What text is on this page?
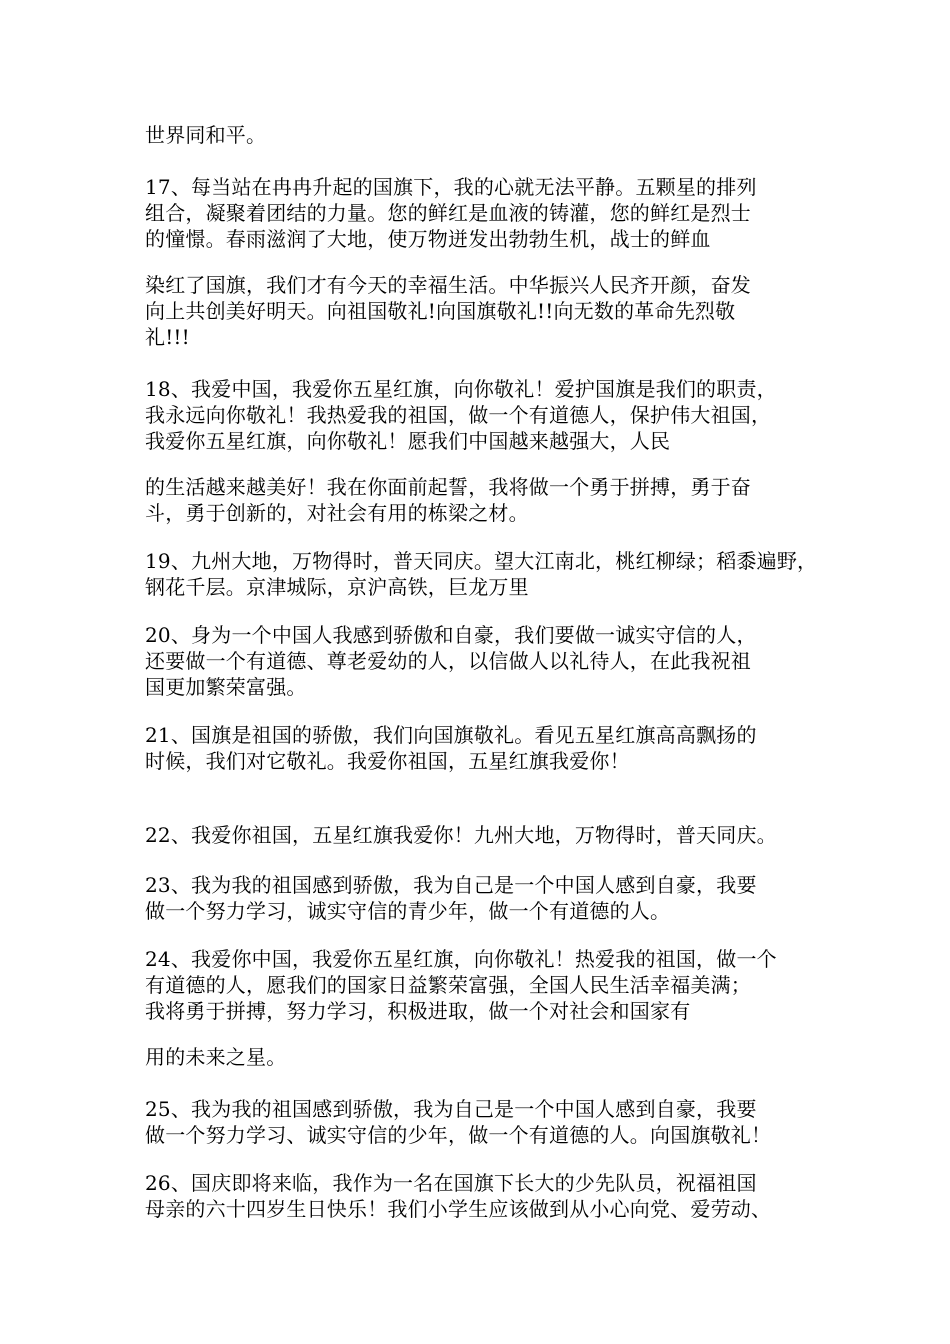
世界同和平。
17、每当站在冉冉升起的国旗下，我的心就无法平静。五颗星的排列
组合，凝聚着团结的力量。您的鲜红是血液的铸灌，您的鲜红是烈士
的憧憬。春雨滋润了大地，使万物迸发出勃勃生机，战士的鲜血
染红了国旗，我们才有今天的幸福生活。中华振兴人民齐开颜，奋发
向上共创美好明天。向祖国敬礼!向国旗敬礼!!向无数的革命先烈敬
礼!!!
18、我爱中国，我爱你五星红旗，向你敬礼！爱护国旗是我们的职责，
我永远向你敬礼！我热爱我的祖国，做一个有道德人，保护伟大祖国，
我爱你五星红旗，向你敬礼！愿我们中国越来越强大，人民
的生活越来越美好！我在你面前起誓，我将做一个勇于拼搏，勇于奋
斗，勇于创新的，对社会有用的栋梁之材。
19、九州大地，万物得时，普天同庆。望大江南北，桃红柳绿；稻黍遍野，
钢花千层。京津城际，京沪高铁，巨龙万里
20、身为一个中国人我感到骄傲和自豪，我们要做一诚实守信的人，
还要做一个有道德、尊老爱幼的人，以信做人以礼待人，在此我祝祖
国更加繁荣富强。
21、国旗是祖国的骄傲，我们向国旗敬礼。看见五星红旗高高飘扬的
时候，我们对它敬礼。我爱你祖国，五星红旗我爱你！
22、我爱你祖国，五星红旗我爱你！九州大地，万物得时，普天同庆。
23、我为我的祖国感到骄傲，我为自己是一个中国人感到自豪，我要
做一个努力学习，诚实守信的青少年，做一个有道德的人。
24、我爱你中国，我爱你五星红旗，向你敬礼！热爱我的祖国，做一个
有道德的人，愿我们的国家日益繁荣富强，全国人民生活幸福美满；
我将勇于拼搏，努力学习，积极进取，做一个对社会和国家有
用的未来之星。
25、我为我的祖国感到骄傲，我为自己是一个中国人感到自豪，我要
做一个努力学习、诚实守信的少年，做一个有道德的人。向国旗敬礼！
26、国庆即将来临，我作为一名在国旗下长大的少先队员，祝福祖国
母亲的六十四岁生日快乐！我们小学生应该做到从小心向党、爱劳动、
